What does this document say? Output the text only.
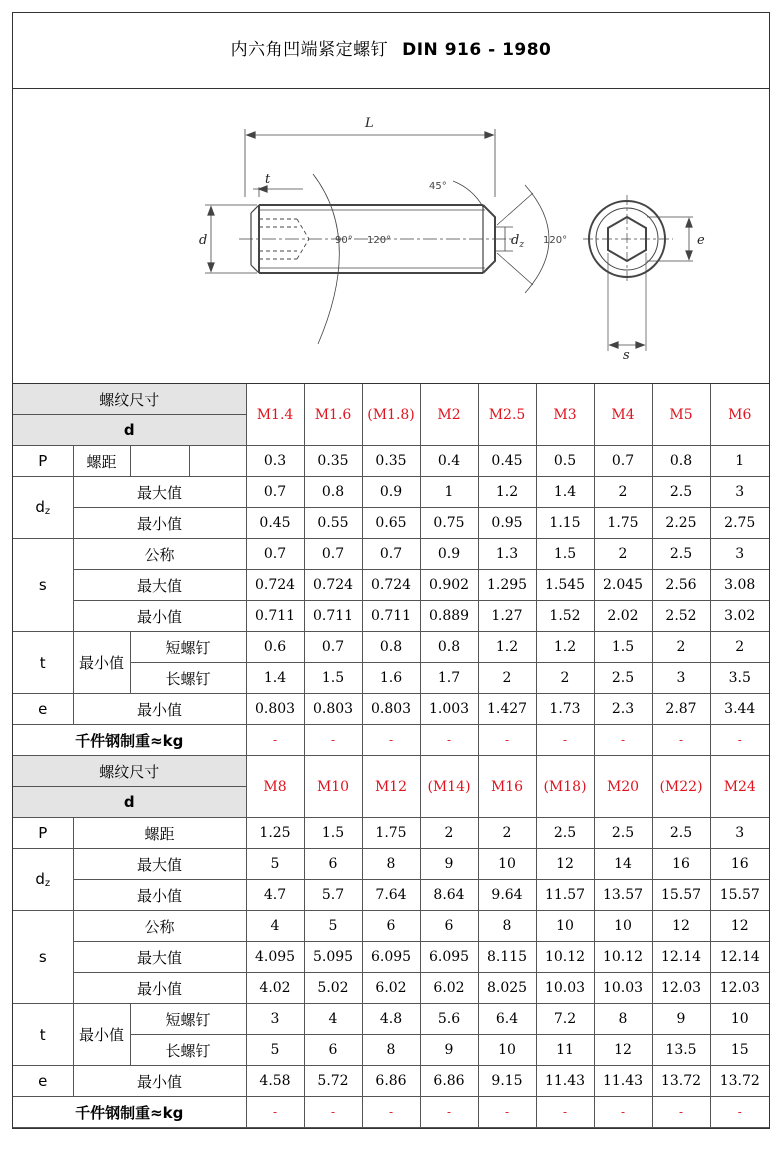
内六角凹端紧定螺钉 DIN 916 - 1980
L
t
d	$d_z$	e
s
45°
90° 120°	120°
螺纹尺寸				M1.4	M1.6	(M1.8)	M2	M2.5	M3	M4	M5	M6
d												
P	螺距			0.3	0.35	0.35	0.4	0.45	0.5	0.7	0.8	1
$d_z$	最大值			0.7	0.8	0.9	1	1.2	1.4	2	2.5	3
	最小值			0.45	0.55	0.65	0.75	0.95	1.15	1.75	2.25	2.75
s	公称			0.7	0.7	0.7	0.9	1.3	1.5	2	2.5	3
	最大值			0.724	0.724	0.724	0.902	1.295	1.545	2.045	2.56	3.08
	最小值			0.711	0.711	0.711	0.889	1.27	1.52	2.02	2.52	3.02
t	最小值	短螺钉		0.6	0.7	0.8	0.8	1.2	1.2	1.5	2	2
		长螺钉		1.4	1.5	1.6	1.7	2	2	2.5	3	3.5
e	最小值			0.803	0.803	0.803	1.003	1.427	1.73	2.3	2.87	3.44
千件钢制重≈kg				-	-	-	-	-	-	-	-	-
螺纹尺寸				M8	M10	M12	(M14)	M16	(M18)	M20	(M22)	M24
d												
P	螺距			1.25	1.5	1.75	2	2	2.5	2.5	2.5	3
$d_z$	最大值			5	6	8	9	10	12	14	16	16
	最小值			4.7	5.7	7.64	8.64	9.64	11.57	13.57	15.57	15.57
s	公称			4	5	6	6	8	10	10	12	12
	最大值			4.095	5.095	6.095	6.095	8.115	10.12	10.12	12.14	12.14
	最小值			4.02	5.02	6.02	6.02	8.025	10.03	10.03	12.03	12.03
t	最小值	短螺钉		3	4	4.8	5.6	6.4	7.2	8	9	10
		长螺钉		5	6	8	9	10	11	12	13.5	15
e	最小值			4.58	5.72	6.86	6.86	9.15	11.43	11.43	13.72	13.72
千件钢制重≈kg				-	-	-	-	-	-	-	-	-
